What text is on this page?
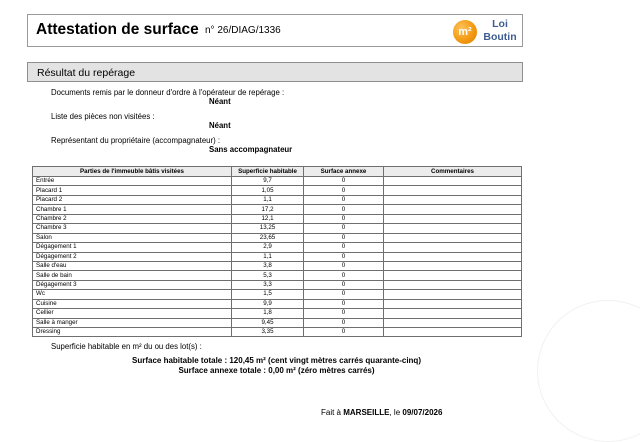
Attestation de surface n° 26/DIAG/1336	m²
Loi
Boutin
Résultat du repérage
Documents remis par le donneur d'ordre à l'opérateur de repérage :
Néant
Liste des pièces non visitées :
Néant
Représentant du propriétaire (accompagnateur) :
Sans accompagnateur
Parties de l'immeuble bâtis visitées	Superficie habitable	Surface annexe	Commentaires
Entrée	9,7	0	
Placard 1	1,05	0	
Placard 2	1,1	0	
Chambre 1	17,2	0	
Chambre 2	12,1	0	
Chambre 3	13,25	0	
Salon	23,65	0	
Dégagement 1	2,9	0	
Dégagement 2	1,1	0	
Salle d'eau	3,8	0	
Salle de bain	5,3	0	
Dégagement 3	3,3	0	
Wc	1,5	0	
Cuisine	9,9	0	
Cellier	1,8	0	
Salle à manger	9,45	0	
Dressing	3,35	0	
Superficie habitable en m² du ou des lot(s) :
Surface habitable totale : 120,45 m² (cent vingt mètres carrés quarante-cinq)
Surface annexe totale : 0,00 m² (zéro mètres carrés)
Fait à MARSEILLE, le 09/07/2026
